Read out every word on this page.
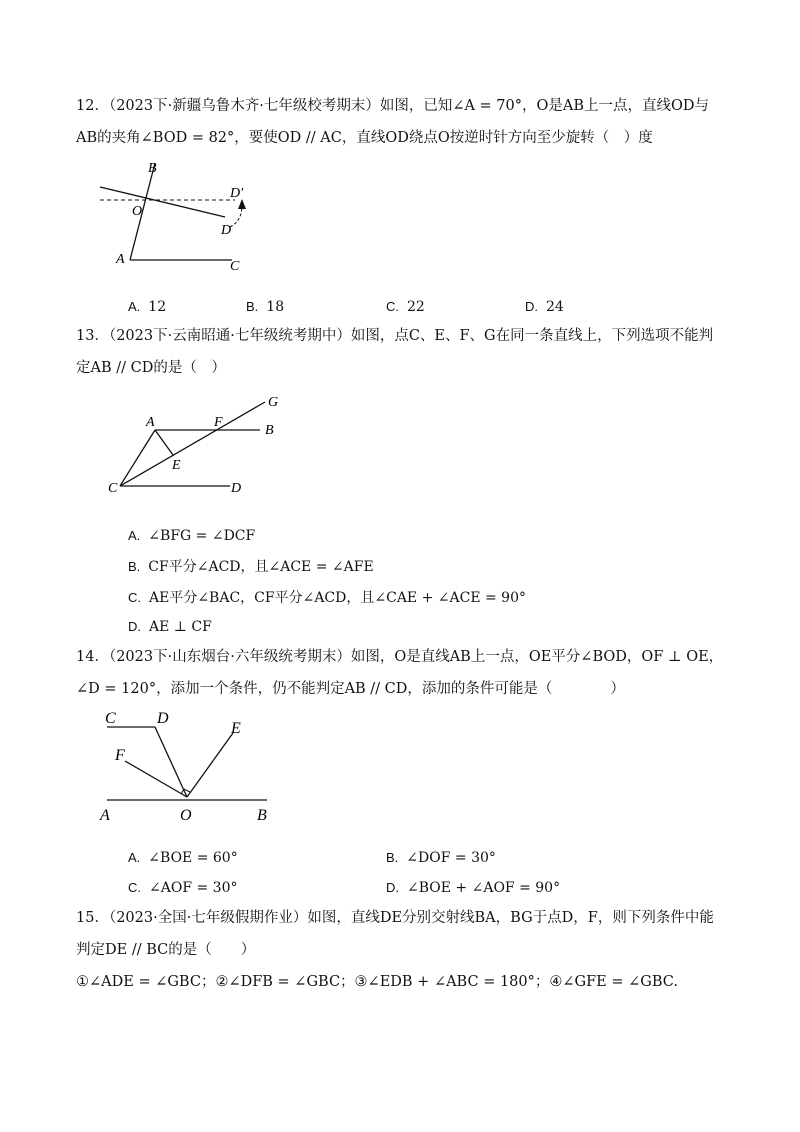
12．（2023下·新疆乌鲁木齐·七年级校考期末）如图，已知∠A = 70°，O是AB上一点，直线OD与
AB的夹角∠BOD = 82°，要使OD // AC，直线OD绕点O按逆时针方向至少旋转（　）度
B
O
D′
D
A	C
A. 12	B. 18	C. 22	D. 24
13．（2023下·云南昭通·七年级统考期中）如图，点C、E、F、G在同一条直线上，下列选项不能判
定AB // CD的是（　）
A	F
G
B
E
C	D
A. ∠BFG = ∠DCF
B. CF平分∠ACD，且∠ACE = ∠AFE
C. AE平分∠BAC，CF平分∠ACD，且∠CAE + ∠ACE = 90°
D. AE ⊥ CF
14．（2023下·山东烟台·六年级统考期末）如图，O是直线AB上一点，OE平分∠BOD，OF ⊥ OE，
∠D = 120°，添加一个条件，仍不能判定AB // CD，添加的条件可能是（　　　　）
C	D
E
F
A	O	B
A. ∠BOE = 60°	B. ∠DOF = 30°
C. ∠AOF = 30°	D. ∠BOE + ∠AOF = 90°
15．（2023·全国·七年级假期作业）如图，直线DE分别交射线BA，BG于点D，F，则下列条件中能
判定DE // BC的是（　　）
①∠ADE = ∠GBC；②∠DFB = ∠GBC；③∠EDB + ∠ABC = 180°；④∠GFE = ∠GBC.
